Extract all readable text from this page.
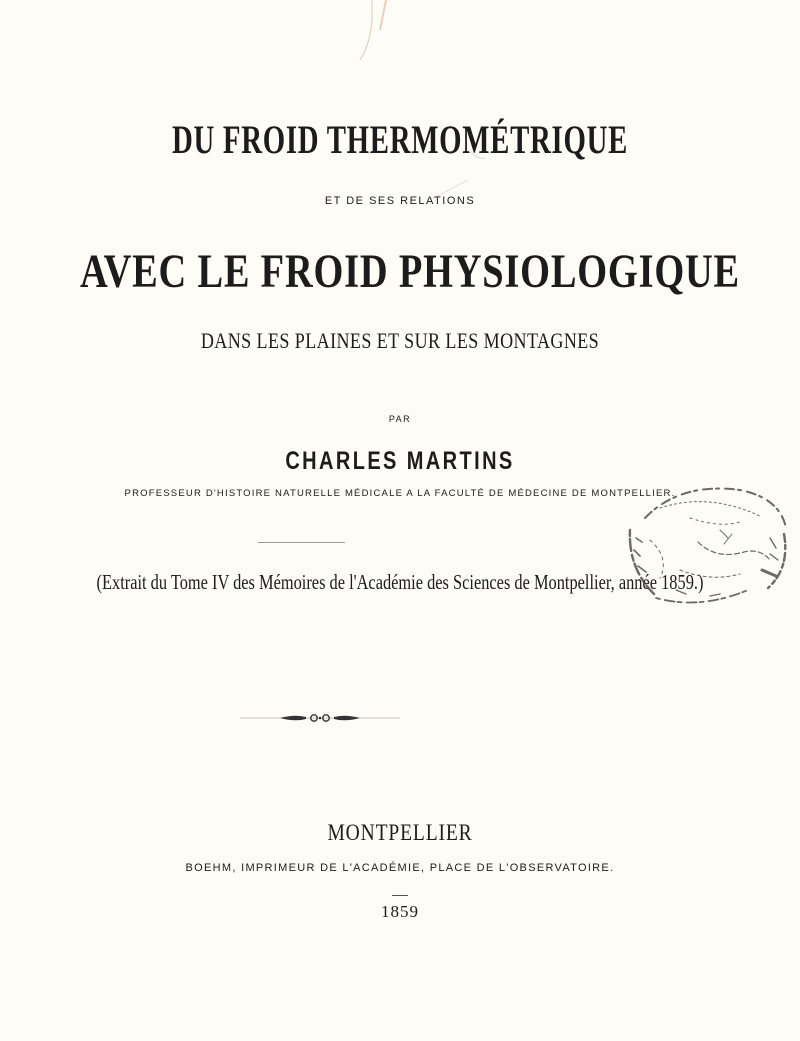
DU FROID THERMOMÉTRIQUE

ET DE SES RELATIONS

AVEC LE FROID PHYSIOLOGIQUE

DANS LES PLAINES ET SUR LES MONTAGNES

PAR

CHARLES MARTINS

PROFESSEUR D'HISTOIRE NATURELLE MÉDICALE A LA FACULTÉ DE MÉDECINE DE MONTPELLIER.

(Extrait du Tome IV des Mémoires de l'Académie des Sciences de Montpellier, année 1859.)

MONTPELLIER

BOEHM, IMPRIMEUR DE L'ACADÉMIE, PLACE DE L'OBSERVATOIRE.

1859
